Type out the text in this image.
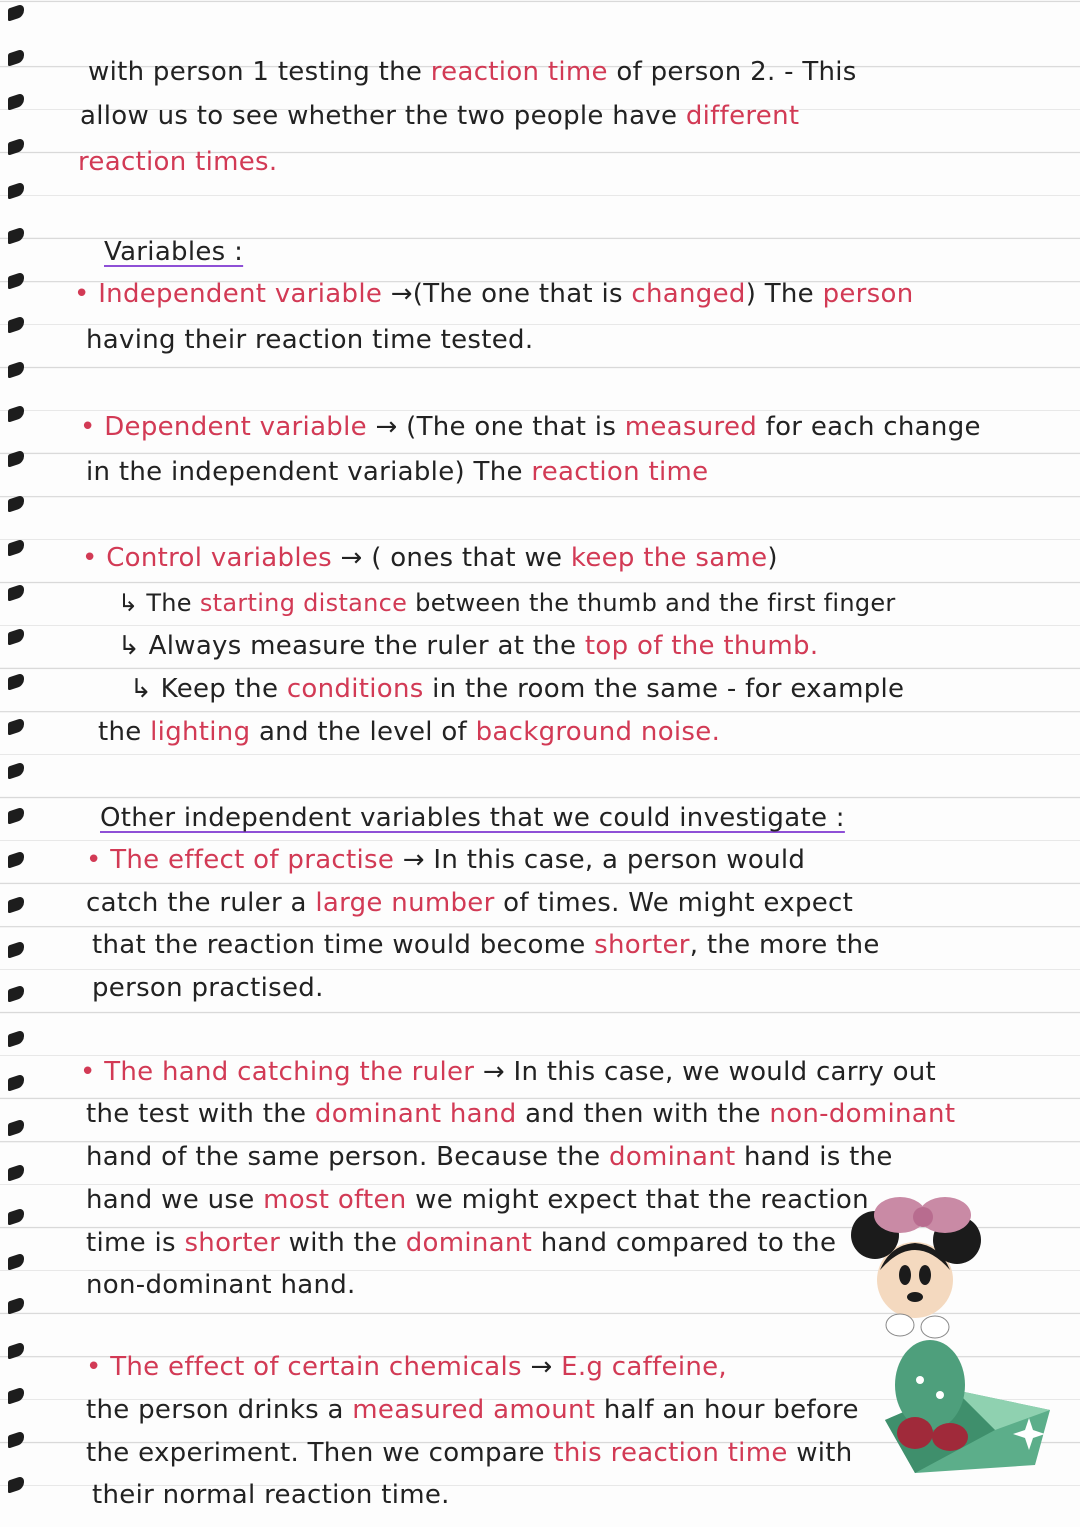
with person 1 testing the reaction time of person 2. - This
allow us to see whether the two people have different
reaction times.
Variables :
• Independent variable →(The one that is changed) The person
having their reaction time tested.
• Dependent variable → (The one that is measured for each change
in the independent variable) The reaction time
• Control variables → ( ones that we keep the same)
↳ The starting distance between the thumb and the first finger
↳ Always measure the ruler at the top of the thumb.
↳ Keep the conditions in the room the same - for example
the lighting and the level of background noise.
Other independent variables that we could investigate :
• The effect of practise → In this case, a person would
catch the ruler a large number of times. We might expect
that the reaction time would become shorter, the more the
person practised.
• The hand catching the ruler → In this case, we would carry out
the test with the dominant hand and then with the non-dominant
hand of the same person. Because the dominant hand is the
hand we use most often we might expect that the reaction
time is shorter with the dominant hand compared to the
non-dominant hand.
• The effect of certain chemicals → E.g caffeine,
the person drinks a measured amount half an hour before
the experiment. Then we compare this reaction time with
their normal reaction time.
